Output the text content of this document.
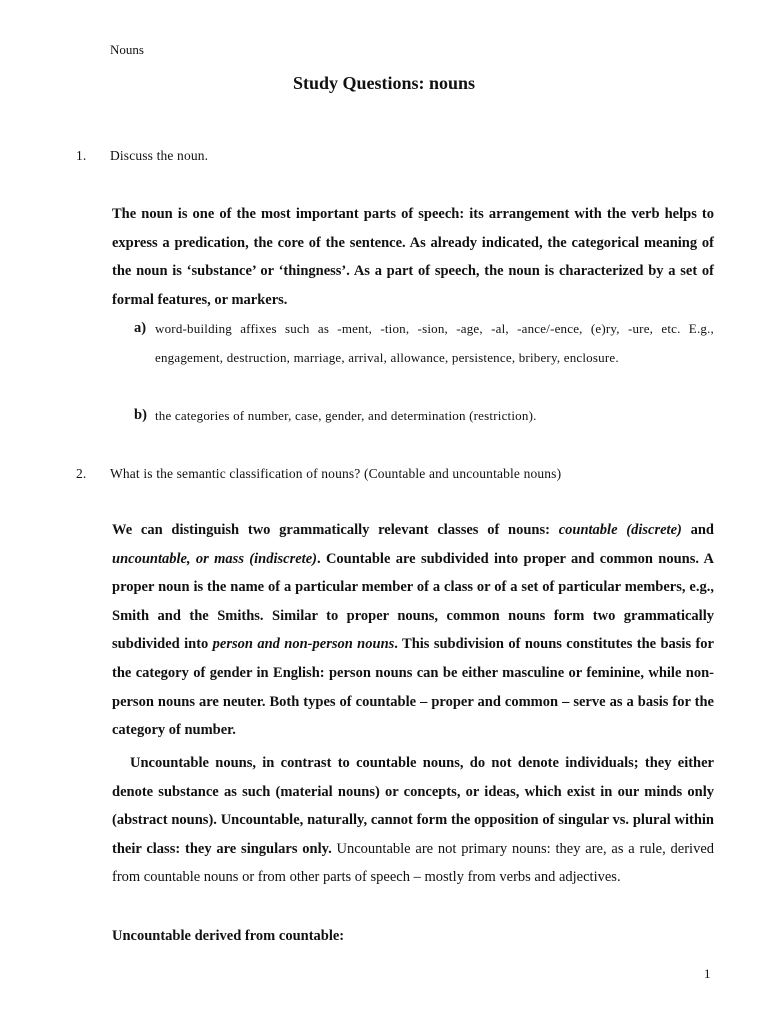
Nouns
Study Questions: nouns
1. Discuss the noun.

The noun is one of the most important parts of speech: its arrangement with the verb helps to express a predication, the core of the sentence. As already indicated, the categorical meaning of the noun is ‘substance’ or ‘thingness’. As a part of speech, the noun is characterized by a set of formal features, or markers.

a) word-building affixes such as -ment, -tion, -sion, -age, -al, -ance/-ence, (e)ry, -ure, etc. E.g., engagement, destruction, marriage, arrival, allowance, persistence, bribery, enclosure.
b) the categories of number, case, gender, and determination (restriction).
2. What is the semantic classification of nouns? (Countable and uncountable nouns)

We can distinguish two grammatically relevant classes of nouns: countable (discrete) and uncountable, or mass (indiscrete). Countable are subdivided into proper and common nouns. A proper noun is the name of a particular member of a class or of a set of particular members, e.g., Smith and the Smiths. Similar to proper nouns, common nouns form two grammatically subdivided into person and non-person nouns. This subdivision of nouns constitutes the basis for the category of gender in English: person nouns can be either masculine or feminine, while non-person nouns are neuter. Both types of countable – proper and common – serve as a basis for the category of number.

Uncountable nouns, in contrast to countable nouns, do not denote individuals; they either denote substance as such (material nouns) or concepts, or ideas, which exist in our minds only (abstract nouns). Uncountable, naturally, cannot form the opposition of singular vs. plural within their class: they are singulars only. Uncountable are not primary nouns: they are, as a rule, derived from countable nouns or from other parts of speech – mostly from verbs and adjectives.

Uncountable derived from countable:
1
